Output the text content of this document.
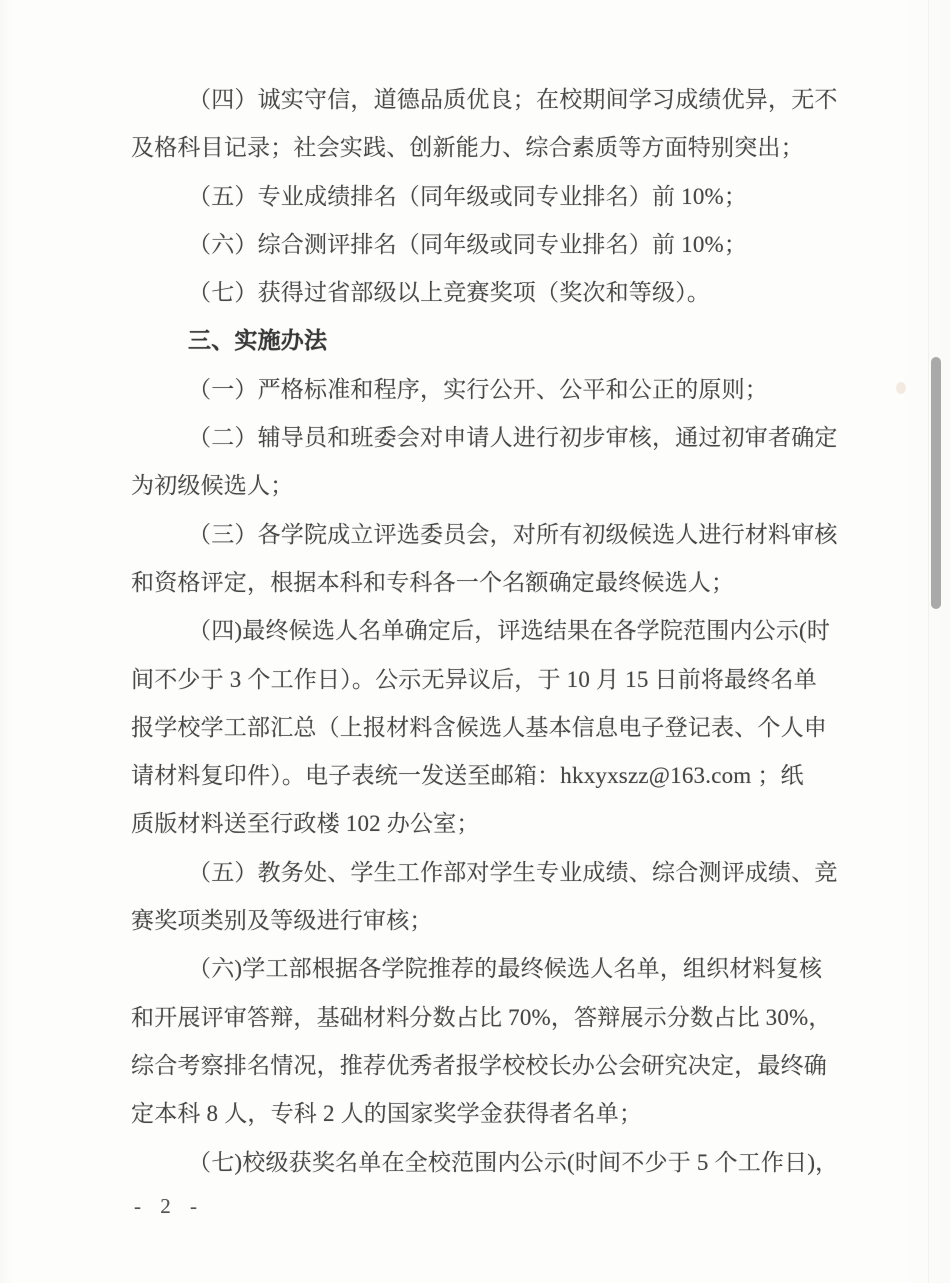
（四）诚实守信，道德品质优良；在校期间学习成绩优异，无不
及格科目记录；社会实践、创新能力、综合素质等方面特别突出；
（五）专业成绩排名（同年级或同专业排名）前 10%；
（六）综合测评排名（同年级或同专业排名）前 10%；
（七）获得过省部级以上竞赛奖项（奖次和等级）。
三、实施办法
（一）严格标准和程序，实行公开、公平和公正的原则；
（二）辅导员和班委会对申请人进行初步审核，通过初审者确定
为初级候选人；
（三）各学院成立评选委员会，对所有初级候选人进行材料审核
和资格评定，根据本科和专科各一个名额确定最终候选人；
（四)最终候选人名单确定后，评选结果在各学院范围内公示(时
间不少于 3 个工作日）。公示无异议后，于 10 月 15 日前将最终名单
报学校学工部汇总（上报材料含候选人基本信息电子登记表、个人申
请材料复印件）。电子表统一发送至邮箱：hkxyxszz@163.com ；纸
质版材料送至行政楼 102 办公室；
（五）教务处、学生工作部对学生专业成绩、综合测评成绩、竞
赛奖项类别及等级进行审核；
（六)学工部根据各学院推荐的最终候选人名单，组织材料复核
和开展评审答辩，基础材料分数占比 70%，答辩展示分数占比 30%，
综合考察排名情况，推荐优秀者报学校校长办公会研究决定，最终确
定本科 8 人，专科 2 人的国家奖学金获得者名单；
（七)校级获奖名单在全校范围内公示(时间不少于 5 个工作日)，
- 2 -
